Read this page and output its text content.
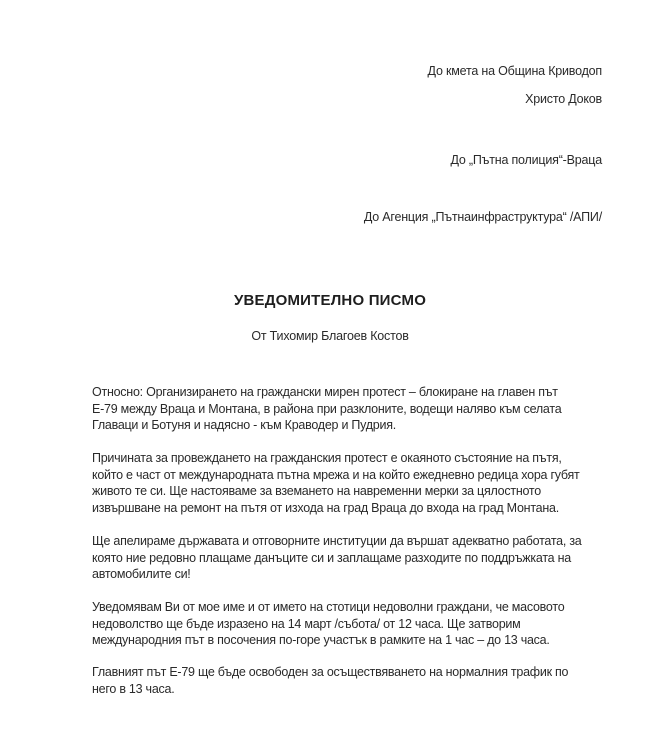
До кмета на Община Криводоп
Христо Доков
До „Пътна полиция“-Враца
До Агенция „Пътнаинфраструктура“ /АПИ/
УВЕДОМИТЕЛНО ПИСМО
От Тихомир Благоев Костов

Относно: Организирането на граждански мирен протест – блокиране на главен път Е-79 между Враца и Монтана, в района при разклоните, водещи наляво към селата Главаци и Ботуня и надясно - към Краводер и Пудрия.

Причината за провеждането на гражданския протест е окаяното състояние на пътя, който е част от международната пътна мрежа и на който ежедневно редица хора губят живото те си. Ще настояваме за вземането на навременни мерки за цялостното извършване на ремонт на пътя от изхода на град Враца до входа на град Монтана.

Ще апелираме държавата и отговорните институции да вършат адекватно работата, за която ние редовно плащаме данъците си и заплащаме разходите по поддръжката на автомобилите си!

Уведомявам Ви от мое име и от името на стотици недоволни граждани, че масовото недоволство ще бъде изразено на 14 март /събота/ от 12 часа. Ще затворим международния път в посочения по-горе участък в рамките на 1 час – до 13 часа.

Главният път Е-79 ще бъде освободен за осъществяването на нормалния трафик по него в 13 часа.
